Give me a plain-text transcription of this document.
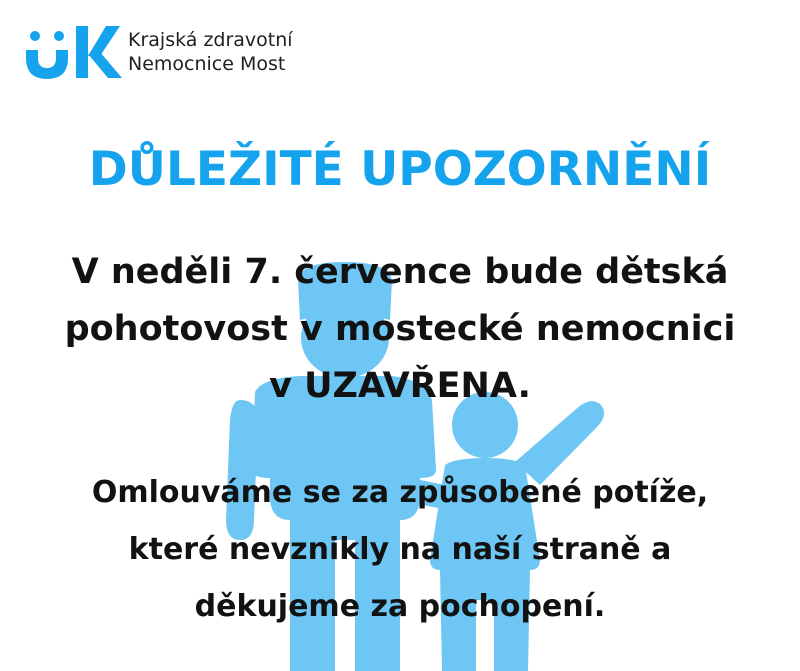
Krajská zdravotní
Nemocnice Most
DŮLEŽITÉ UPOZORNĚNÍ
V neděli 7. července bude dětská
pohotovost v mostecké nemocnici
v UZAVŘENA.
Omlouváme se za způsobené potíže,
které nevznikly na naší straně a
děkujeme za pochopení.
